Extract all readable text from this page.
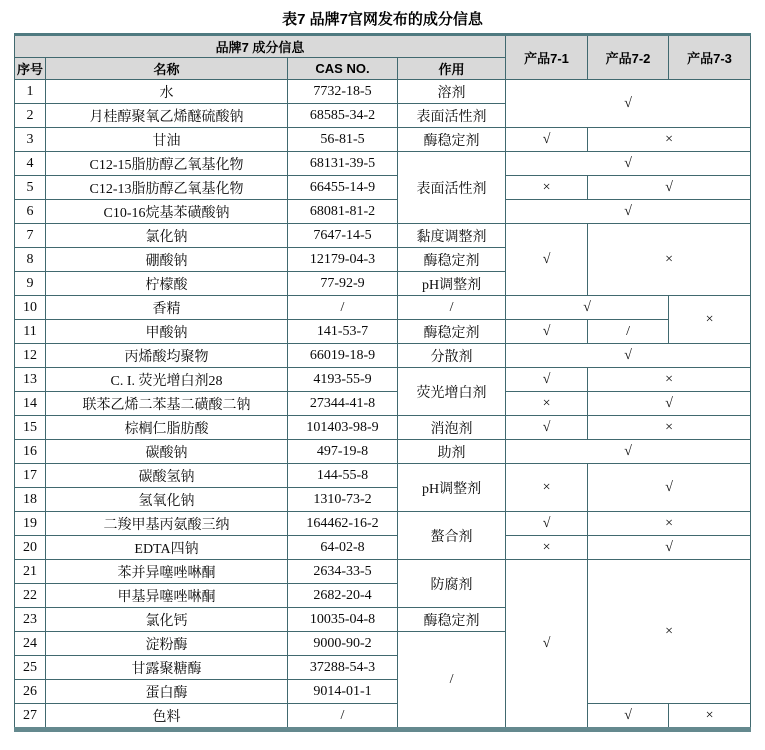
表7 品牌7官网发布的成分信息
品牌7 成分信息				产品7-1	产品7-2	产品7-3
序号	名称	CAS NO.	作用			
1	水	7732-18-5	溶剂	√		
2	月桂醇聚氧乙烯醚硫酸钠	68585-34-2	表面活性剂			
3	甘油	56-81-5	酶稳定剂	√	×	
4	C12-15脂肪醇乙氧基化物	68131-39-5	表面活性剂	√		
5	C12-13脂肪醇乙氧基化物	66455-14-9		×	√	
6	C10-16烷基苯磺酸钠	68081-81-2		√		
7	氯化钠	7647-14-5	黏度调整剂	√	×	
8	硼酸钠	12179-04-3	酶稳定剂			
9	柠檬酸	77-92-9	pH调整剂			
10	香精	/	/	√		×
11	甲酸钠	141-53-7	酶稳定剂	√	/	
12	丙烯酸均聚物	66019-18-9	分散剂	√		
13	C. I. 荧光增白剂28	4193-55-9	荧光增白剂	√	×	
14	联苯乙烯二苯基二磺酸二钠	27344-41-8		×	√	
15	棕榈仁脂肪酸	101403-98-9	消泡剂	√	×	
16	碳酸钠	497-19-8	助剂	√		
17	碳酸氢钠	144-55-8	pH调整剂	×	√	
18	氢氧化钠	1310-73-2				
19	二羧甲基丙氨酸三纳	164462-16-2	螯合剂	√	×	
20	EDTA四钠	64-02-8		×	√	
21	苯并异噻唑啉酮	2634-33-5	防腐剂	√	×	
22	甲基异噻唑啉酮	2682-20-4				
23	氯化钙	10035-04-8	酶稳定剂			
24	淀粉酶	9000-90-2	/			
25	甘露聚糖酶	37288-54-3				
26	蛋白酶	9014-01-1				
27	色料	/			√	×
